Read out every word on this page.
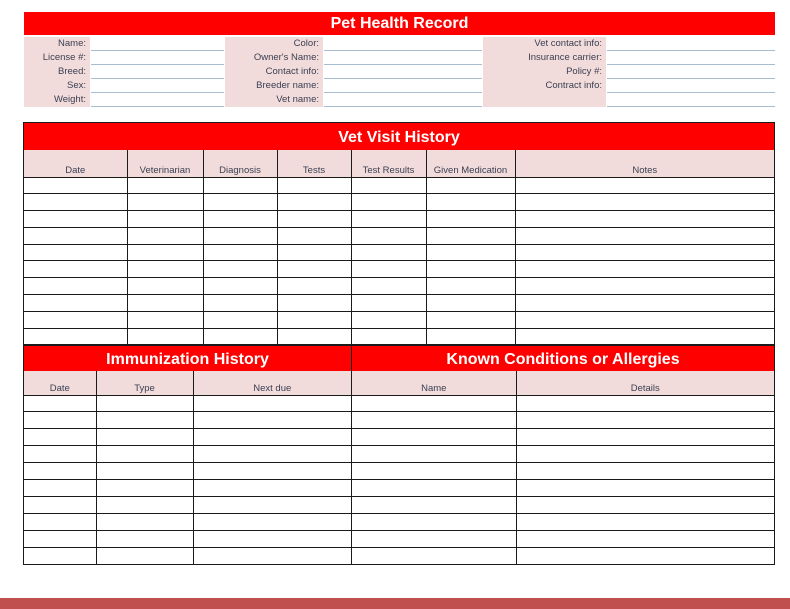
Pet Health Record
Name:
License #:
Breed:
Sex:
Weight:
Color:
Owner's Name:
Contact info:
Breeder name:
Vet name:
Vet contact info:
Insurance carrier:
Policy #:
Contract info:
Vet Visit History
Date	Veterinarian	Diagnosis	Tests	Test Results	Given Medication	Notes

Immunization History
Date	Type	Next due

Known Conditions or Allergies
Name	Details
